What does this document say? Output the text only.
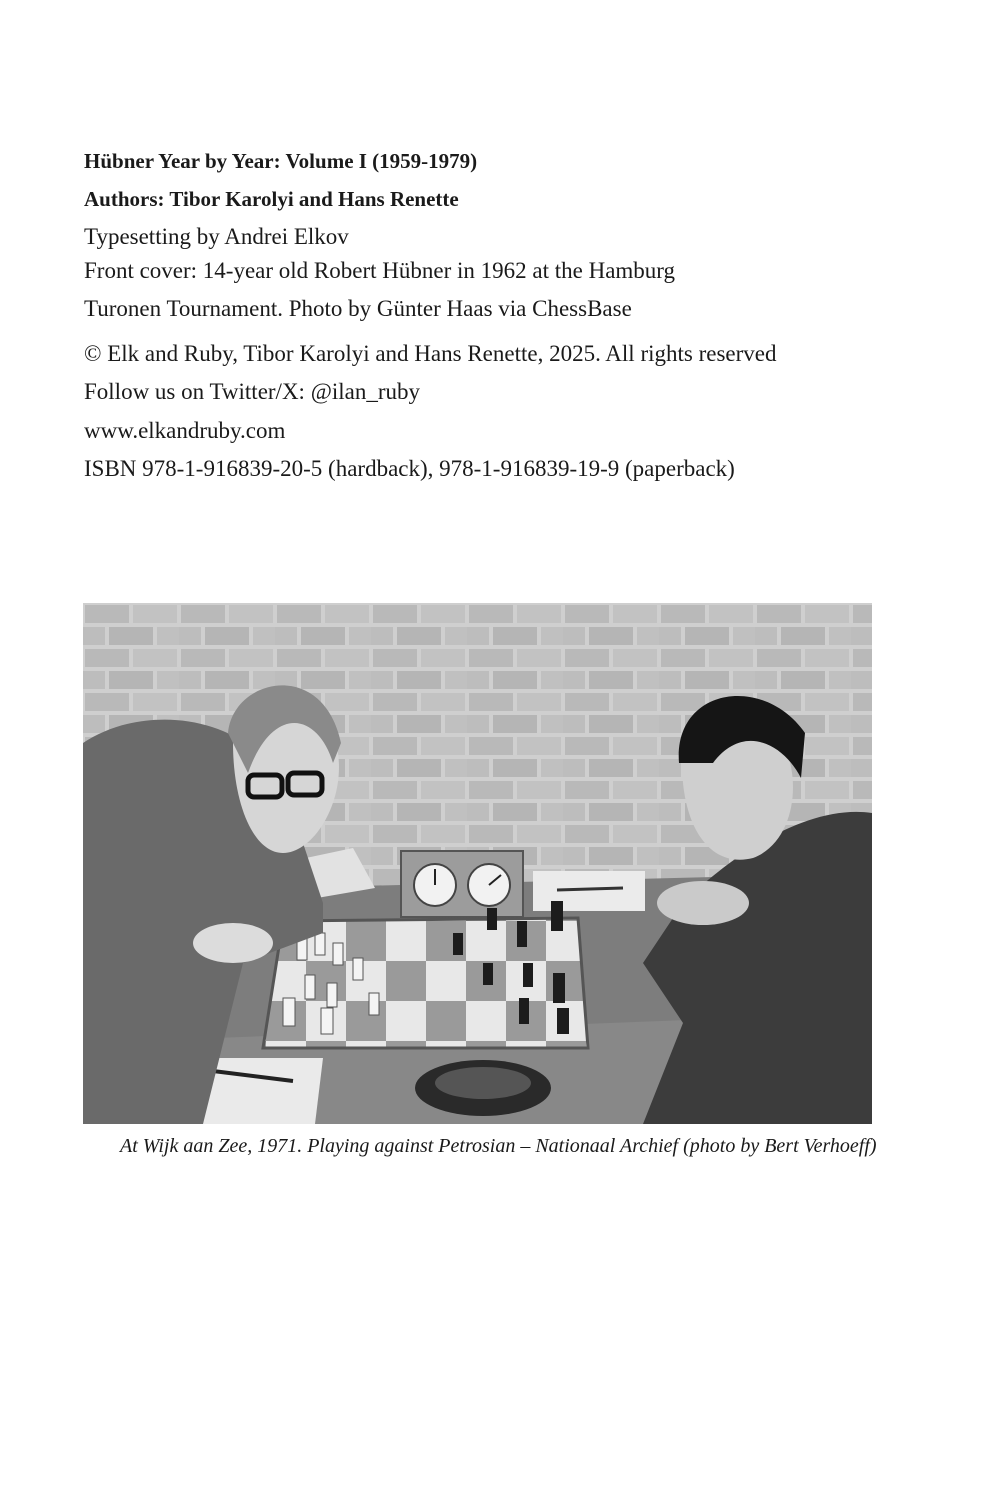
Hübner Year by Year: Volume I (1959-1979)
Authors: Tibor Karolyi and Hans Renette
Typesetting by Andrei Elkov
Front cover: 14-year old Robert Hübner in 1962 at the Hamburg
Turonen Tournament. Photo by Günter Haas via ChessBase
© Elk and Ruby, Tibor Karolyi and Hans Renette, 2025. All rights reserved
Follow us on Twitter/X: @ilan_ruby
www.elkandruby.com
ISBN 978-1-916839-20-5 (hardback), 978-1-916839-19-9 (paperback)
At Wijk aan Zee, 1971. Playing against Petrosian – Nationaal Archief (photo by Bert Verhoeff)
